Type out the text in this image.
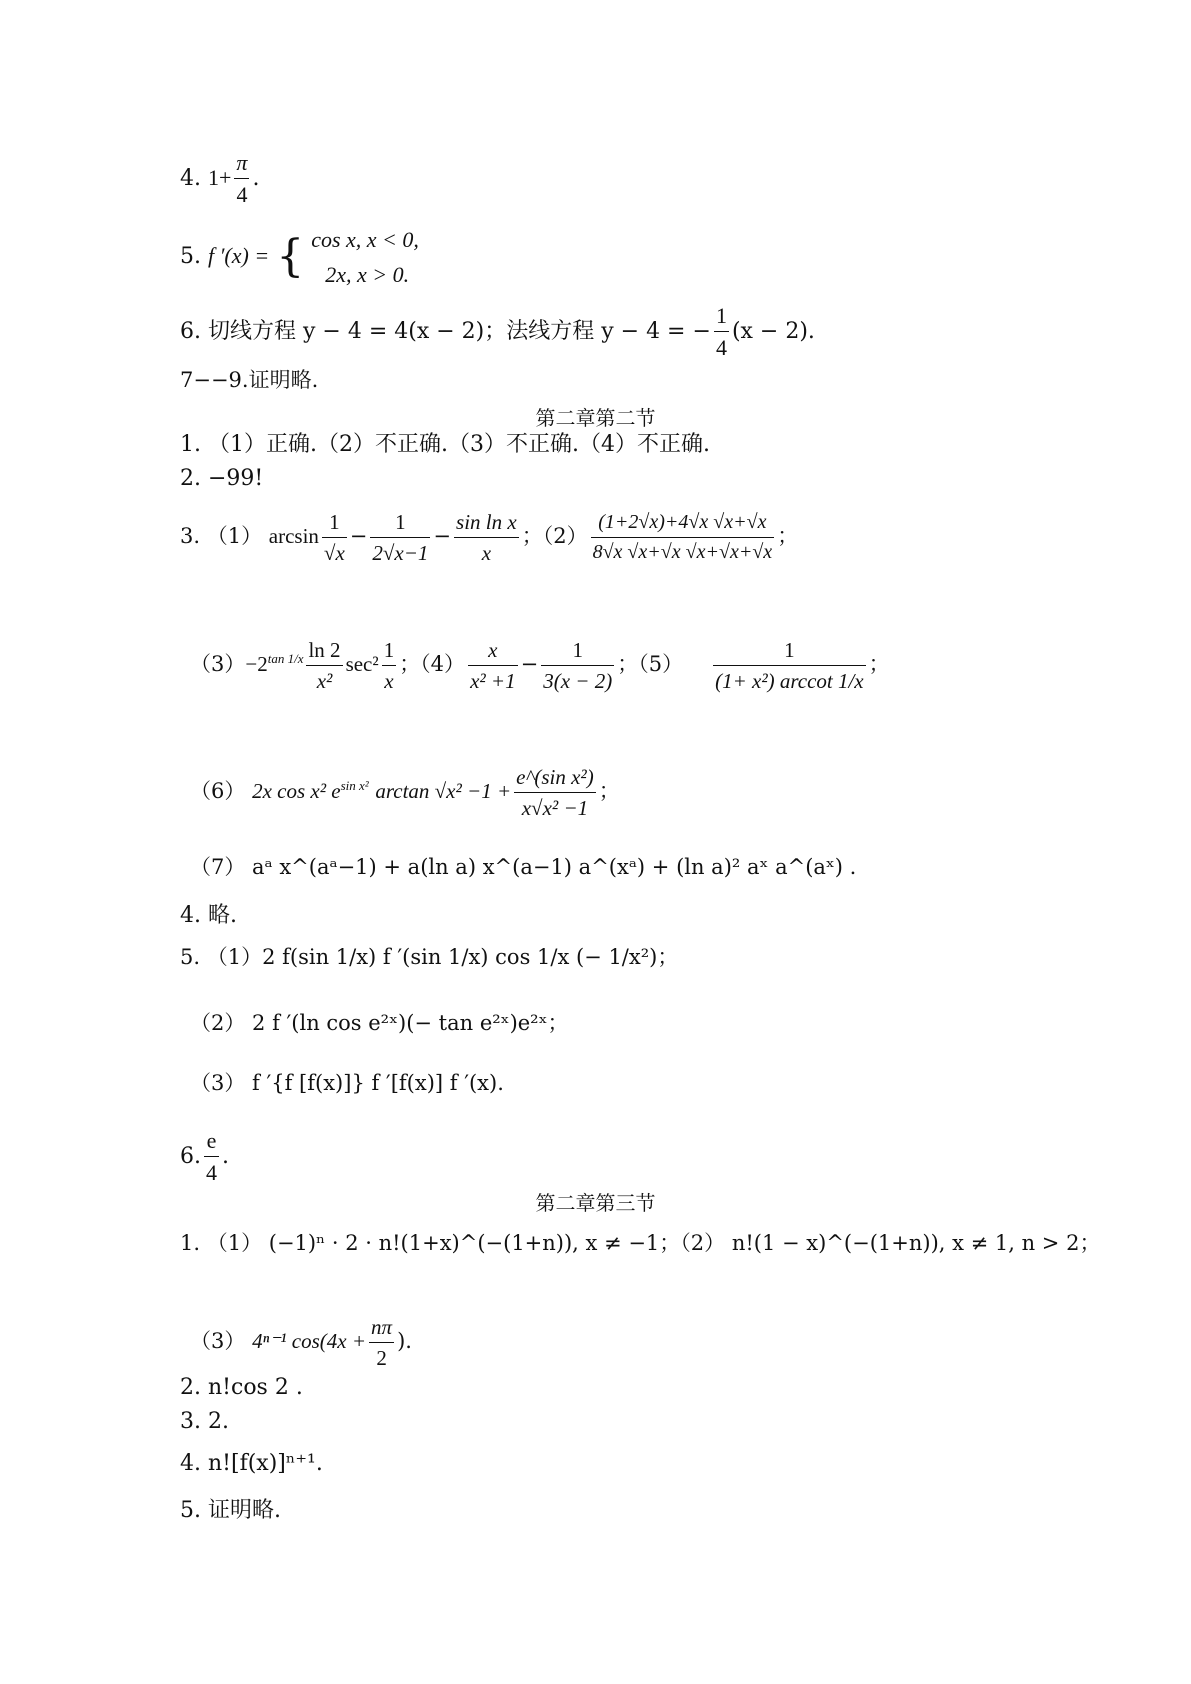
4. $1+ \frac{\pi}{4}$ .
5. f ′(x) = { cos x, x < 0,
2x, x > 0.
6. 切线方程 y − 4 = 4(x − 2)；法线方程 y − 4 = − $\frac{1}{4} (x - 2)$.
7−−9.证明略.
第二章第二节
1. （1）正确.（2）不正确.（3）不正确.（4）不正确.
2. −99!
3. （1） $\arcsin \frac{1}{√x} - \frac{1}{2√x-1} - \frac{\text{sin ln x}}{x}$ ；$(2) \frac{(1+2√x)+4√x √x+√x}{8√x √x+√x √x+√x+√x}$ ；
$(3)-2^{tan 1/x} \frac{\ln 2}{\text{x²}} \sec^2 \frac{1}{x}$ ；$(4) \frac{x}{\text{x² +1}} - \frac{1}{3(x - 2)}$ ；$(5) \frac{1}{\text{(1+ x²) arccot 1/x}}$ ；
（6） 2x cos x² $e^{sin x^2}$ $\arctan √x^2 -1 + \frac{\text{e\textasciicircum{}(sin x²)}}{\text{x√x² −1}}$ ；
（7） aᵃ x^(aᵃ−1) + a(ln a) x^(a−1) a^(xᵃ) + (ln a)² aˣ a^(aˣ) .
4. 略.
5. （1）2 f(sin 1/x) f ′(sin 1/x) cos 1/x (− 1/x²)；
（2） 2 f ′(ln cos e²ˣ)(− tan e²ˣ)e²ˣ；
（3） f ′{f [f(x)]} f ′[f(x)] f ′(x).
6. $\frac{e}{4}$ .
第二章第三节
1. （1） (−1)ⁿ · 2 · n!(1+x)^(−(1+n)), x ≠ −1；（2） n!(1 − x)^(−(1+n)), x ≠ 1, n > 2；
（3） 4ⁿ⁻¹ $\cos(4x + \frac{n\pi}{2}$ ).
2. n!cos 2 .
3. 2.
4. n![f(x)]ⁿ⁺¹.
5. 证明略.
